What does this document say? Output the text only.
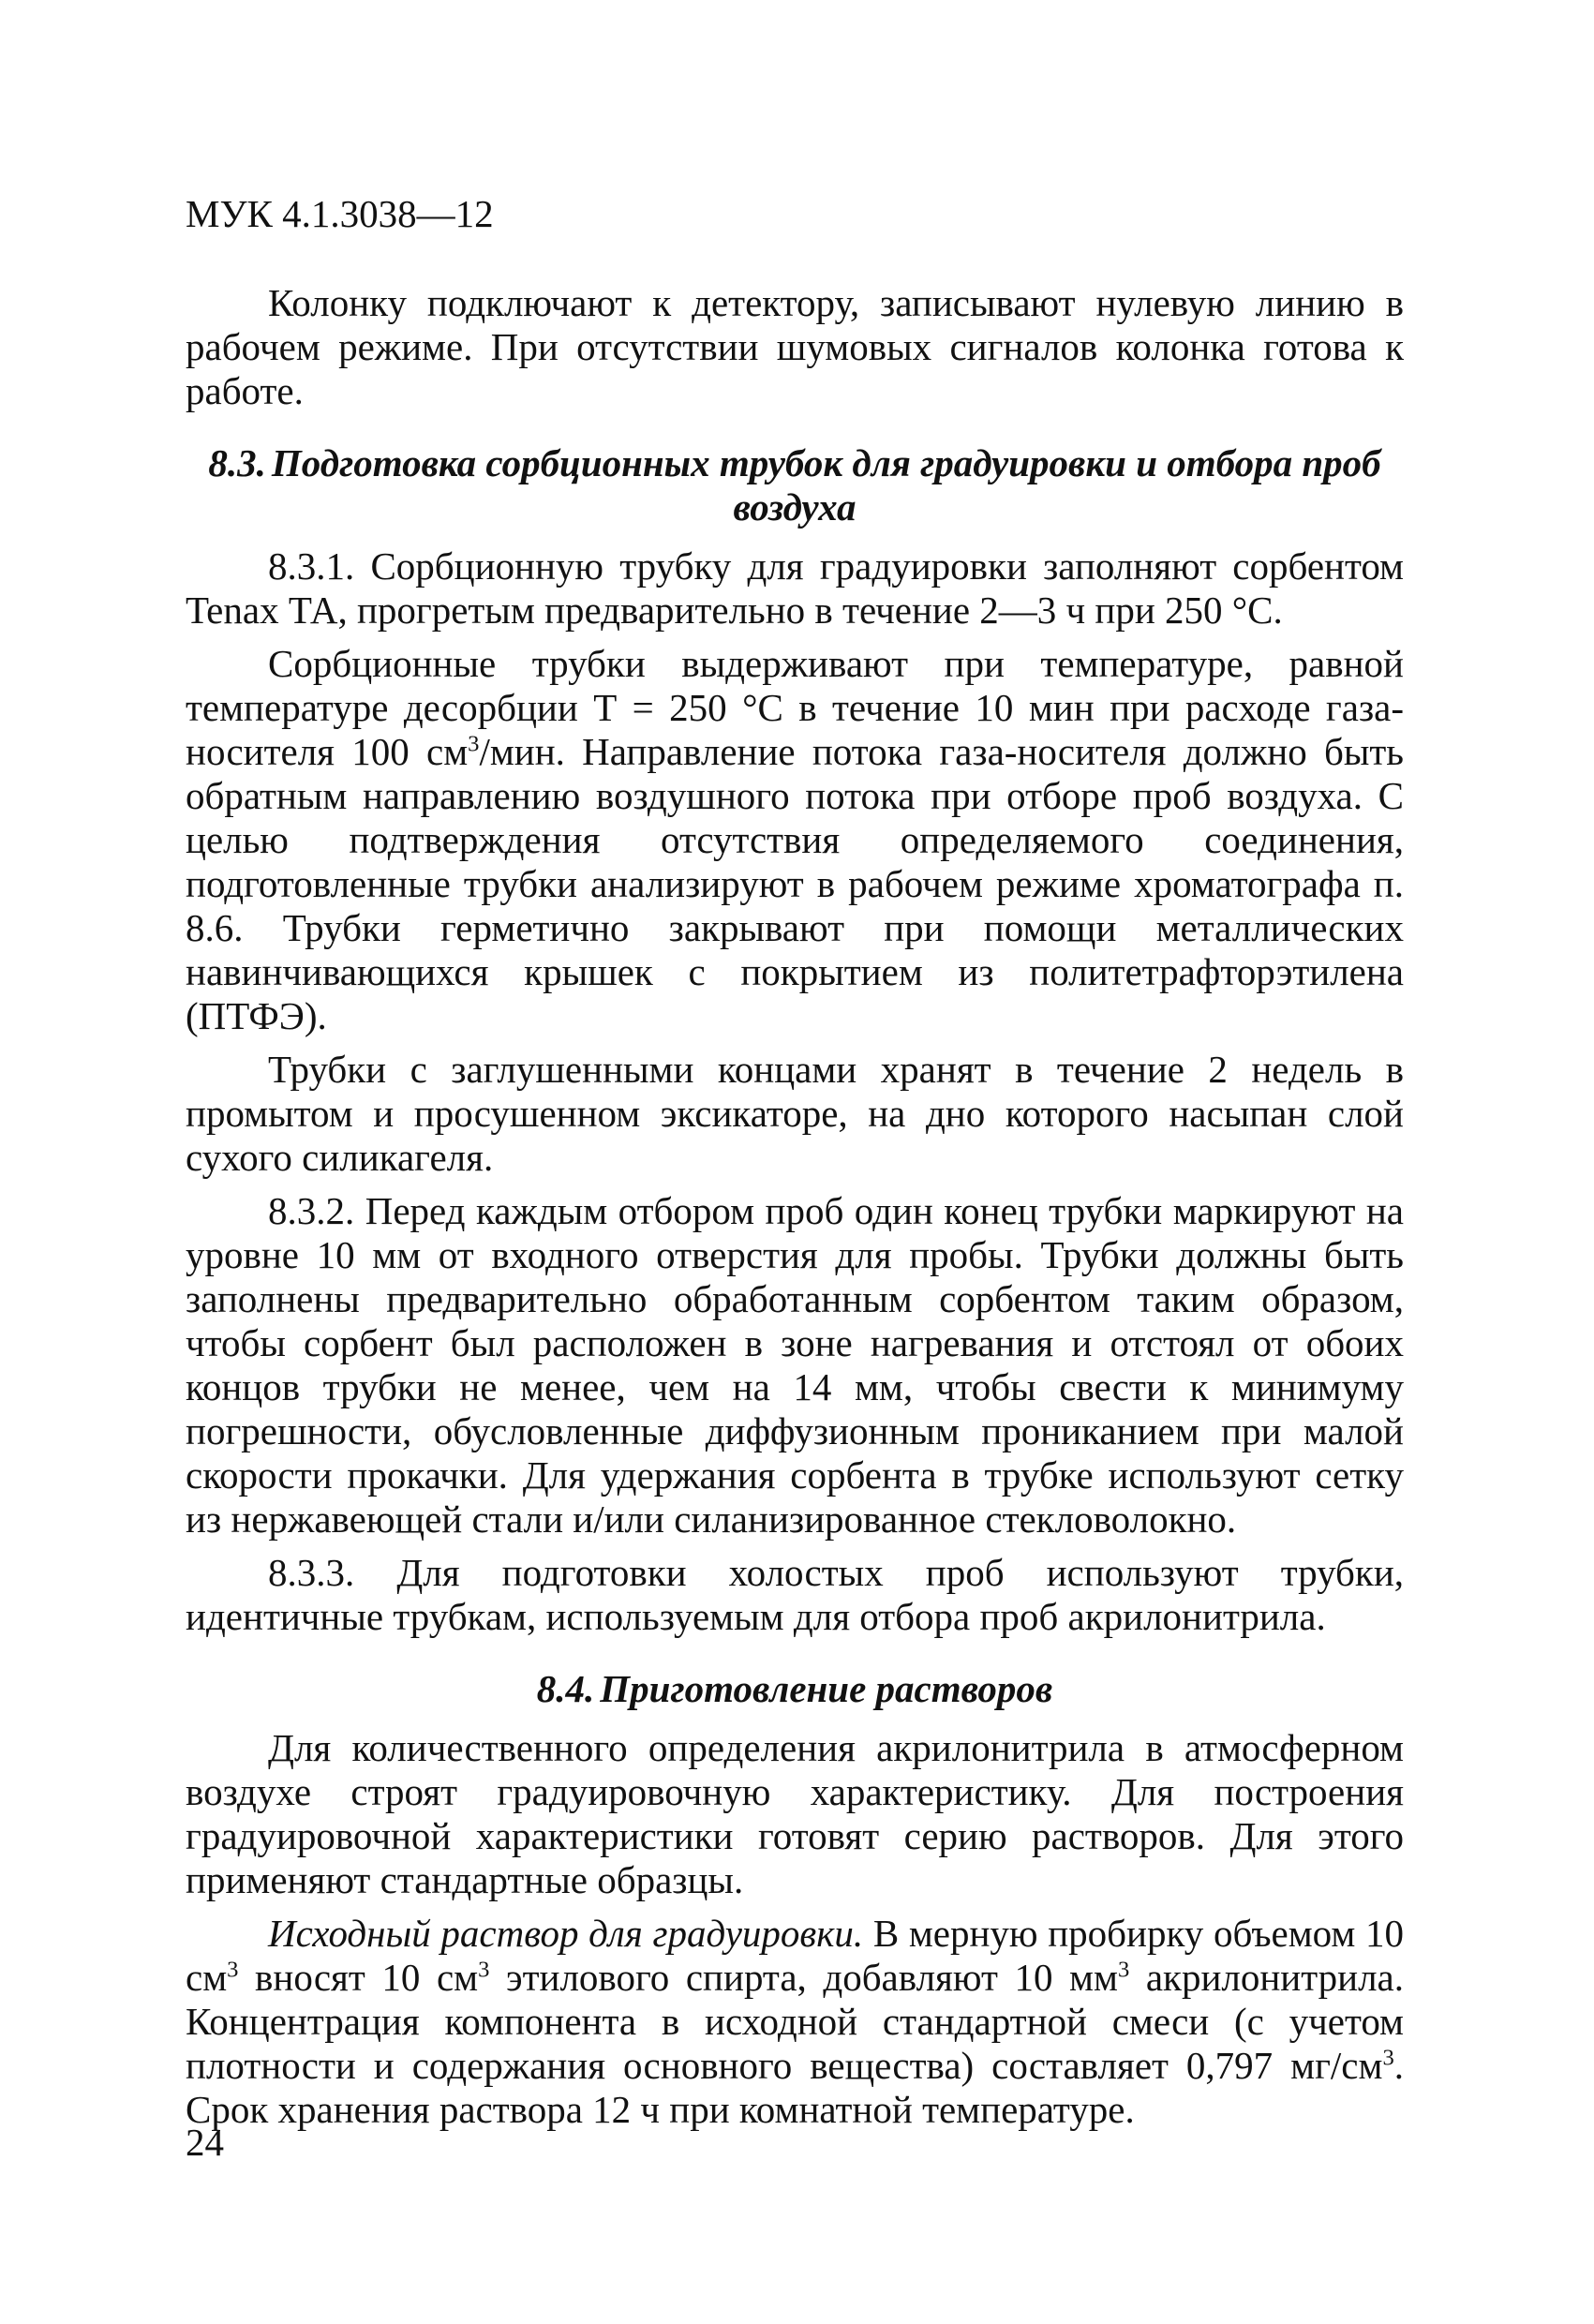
МУК 4.1.3038—12

Колонку подключают к детектору, записывают нулевую линию в рабочем режиме. При отсутствии шумовых сигналов колонка готова к работе.

8.3. Подготовка сорбционных трубок для градуировки и отбора проб воздуха

8.3.1. Сорбционную трубку для градуировки заполняют сорбентом Tenax ТА, прогретым предварительно в течение 2—3 ч при 250 °С.

Сорбционные трубки выдерживают при температуре, равной температуре десорбции Т = 250 °С в течение 10 мин при расходе газа-носителя 100 $см^3$/мин. Направление потока газа-носителя должно быть обратным направлению воздушного потока при отборе проб воздуха. С целью подтверждения отсутствия определяемого соединения, подготовленные трубки анализируют в рабочем режиме хроматографа п. 8.6. Трубки герметично закрывают при помощи металлических навинчивающихся крышек с покрытием из политетрафторэтилена (ПТФЭ).

Трубки с заглушенными концами хранят в течение 2 недель в промытом и просушенном эксикаторе, на дно которого насыпан слой сухого силикагеля.

8.3.2. Перед каждым отбором проб один конец трубки маркируют на уровне 10 мм от входного отверстия для пробы. Трубки должны быть заполнены предварительно обработанным сорбентом таким образом, чтобы сорбент был расположен в зоне нагревания и отстоял от обоих концов трубки не менее, чем на 14 мм, чтобы свести к минимуму погрешности, обусловленные диффузионным прониканием при малой скорости прокачки. Для удержания сорбента в трубке используют сетку из нержавеющей стали и/или силанизированное стекловолокно.

8.3.3. Для подготовки холостых проб используют трубки, идентичные трубкам, используемым для отбора проб акрилонитрила.

8.4. Приготовление растворов

Для количественного определения акрилонитрила в атмосферном воздухе строят градуировочную характеристику. Для построения градуировочной характеристики готовят серию растворов. Для этого применяют стандартные образцы.

Исходный раствор для градуировки. В мерную пробирку объемом 10 $см^3$ вносят 10 $см^3$ этилового спирта, добавляют 10 $мм^3$ акрилонитрила. Концентрация компонента в исходной стандартной смеси (с учетом плотности и содержания основного вещества) составляет 0,797 $мг/см^3$. Срок хранения раствора 12 ч при комнатной температуре.

24
